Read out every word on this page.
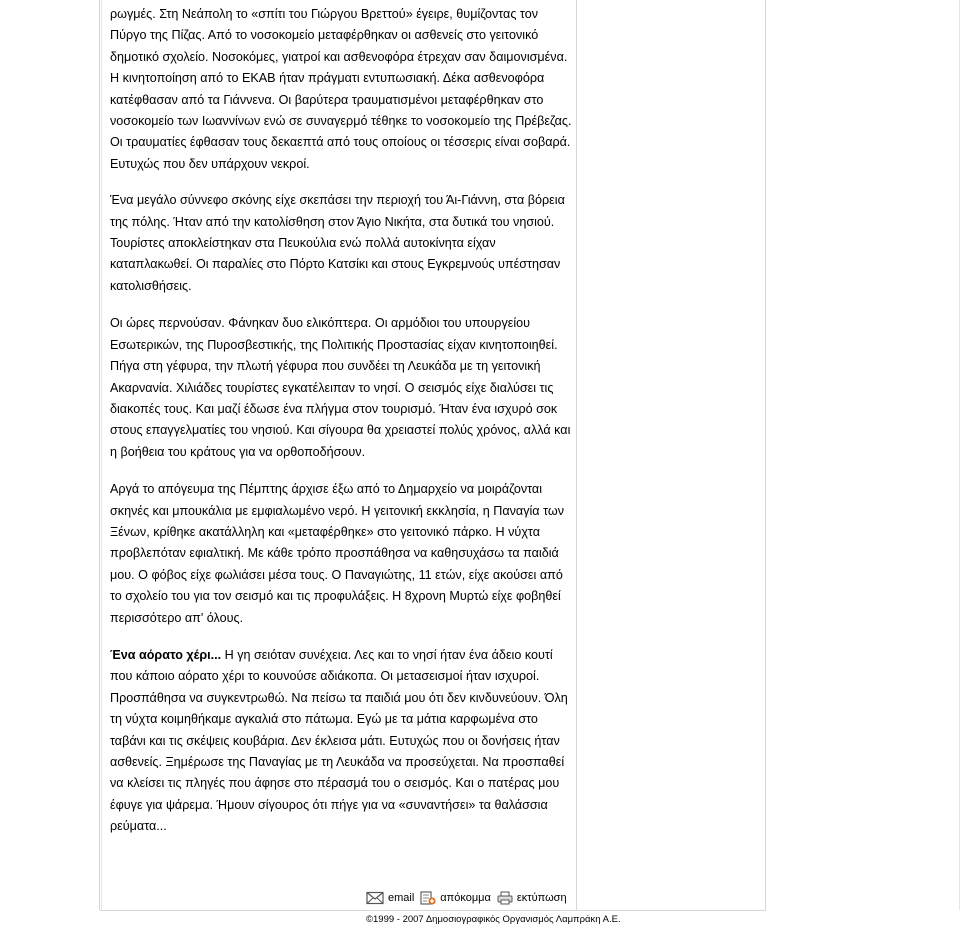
ρωγμές. Στη Νεάπολη το «σπίτι του Γιώργου Βρεττού» έγειρε, θυμίζοντας τον Πύργο της Πίζας. Από το νοσοκομείο μεταφέρθηκαν οι ασθενείς στο γειτονικό δημοτικό σχολείο. Νοσοκόμες, γιατροί και ασθενοφόρα έτρεχαν σαν δαιμονισμένα. Η κινητοποίηση από το ΕΚΑΒ ήταν πράγματι εντυπωσιακή. Δέκα ασθενοφόρα κατέφθασαν από τα Γιάννενα. Οι βαρύτερα τραυματισμένοι μεταφέρθηκαν στο νοσοκομείο των Ιωαννίνων ενώ σε συναγερμό τέθηκε το νοσοκομείο της Πρέβεζας. Οι τραυματίες έφθασαν τους δεκαεπτά από τους οποίους οι τέσσερις είναι σοβαρά. Ευτυχώς που δεν υπάρχουν νεκροί.

Ένα μεγάλο σύννεφο σκόνης είχε σκεπάσει την περιοχή του Άι-Γιάννη, στα βόρεια της πόλης. Ήταν από την κατολίσθηση στον Άγιο Νικήτα, στα δυτικά του νησιού. Τουρίστες αποκλείστηκαν στα Πευκούλια ενώ πολλά αυτοκίνητα είχαν καταπλακωθεί. Οι παραλίες στο Πόρτο Κατσίκι και στους Εγκρεμνούς υπέστησαν κατολισθήσεις.

Οι ώρες περνούσαν. Φάνηκαν δυο ελικόπτερα. Οι αρμόδιοι του υπουργείου Εσωτερικών, της Πυροσβεστικής, της Πολιτικής Προστασίας είχαν κινητοποιηθεί. Πήγα στη γέφυρα, την πλωτή γέφυρα που συνδέει τη Λευκάδα με τη γειτονική Ακαρνανία. Χιλιάδες τουρίστες εγκατέλειπαν το νησί. Ο σεισμός είχε διαλύσει τις διακοπές τους. Και μαζί έδωσε ένα πλήγμα στον τουρισμό. Ήταν ένα ισχυρό σοκ στους επαγγελματίες του νησιού. Και σίγουρα θα χρειαστεί πολύς χρόνος, αλλά και η βοήθεια του κράτους για να ορθοποδήσουν.

Αργά το απόγευμα της Πέμπτης άρχισε έξω από το Δημαρχείο να μοιράζονται σκηνές και μπουκάλια με εμφιαλωμένο νερό. Η γειτονική εκκλησία, η Παναγία των Ξένων, κρίθηκε ακατάλληλη και «μεταφέρθηκε» στο γειτονικό πάρκο. Η νύχτα προβλεπόταν εφιαλτική. Με κάθε τρόπο προσπάθησα να καθησυχάσω τα παιδιά μου. Ο φόβος είχε φωλιάσει μέσα τους. Ο Παναγιώτης, 11 ετών, είχε ακούσει από το σχολείο του για τον σεισμό και τις προφυλάξεις. Η 8χρονη Μυρτώ είχε φοβηθεί περισσότερο απ' όλους.

Ένα αόρατο χέρι... Η γη σειόταν συνέχεια. Λες και το νησί ήταν ένα άδειο κουτί που κάποιο αόρατο χέρι το κουνούσε αδιάκοπα. Οι μετασεισμοί ήταν ισχυροί. Προσπάθησα να συγκεντρωθώ. Να πείσω τα παιδιά μου ότι δεν κινδυνεύουν. Όλη τη νύχτα κοιμηθήκαμε αγκαλιά στο πάτωμα. Εγώ με τα μάτια καρφωμένα στο ταβάνι και τις σκέψεις κουβάρια. Δεν έκλεισα μάτι. Ευτυχώς που οι δονήσεις ήταν ασθενείς. Ξημέρωσε της Παναγίας με τη Λευκάδα να προσεύχεται. Να προσπαθεί να κλείσει τις πληγές που άφησε στο πέρασμά του ο σεισμός. Και ο πατέρας μου έφυγε για ψάρεμα. Ήμουν σίγουρος ότι πήγε για να «συναντήσει» τα θαλάσσια ρεύματα...

email απόκομμα εκτύπωση
©1999 - 2007 Δημοσιογραφικός Οργανισμός Λαμπράκη Α.Ε.
